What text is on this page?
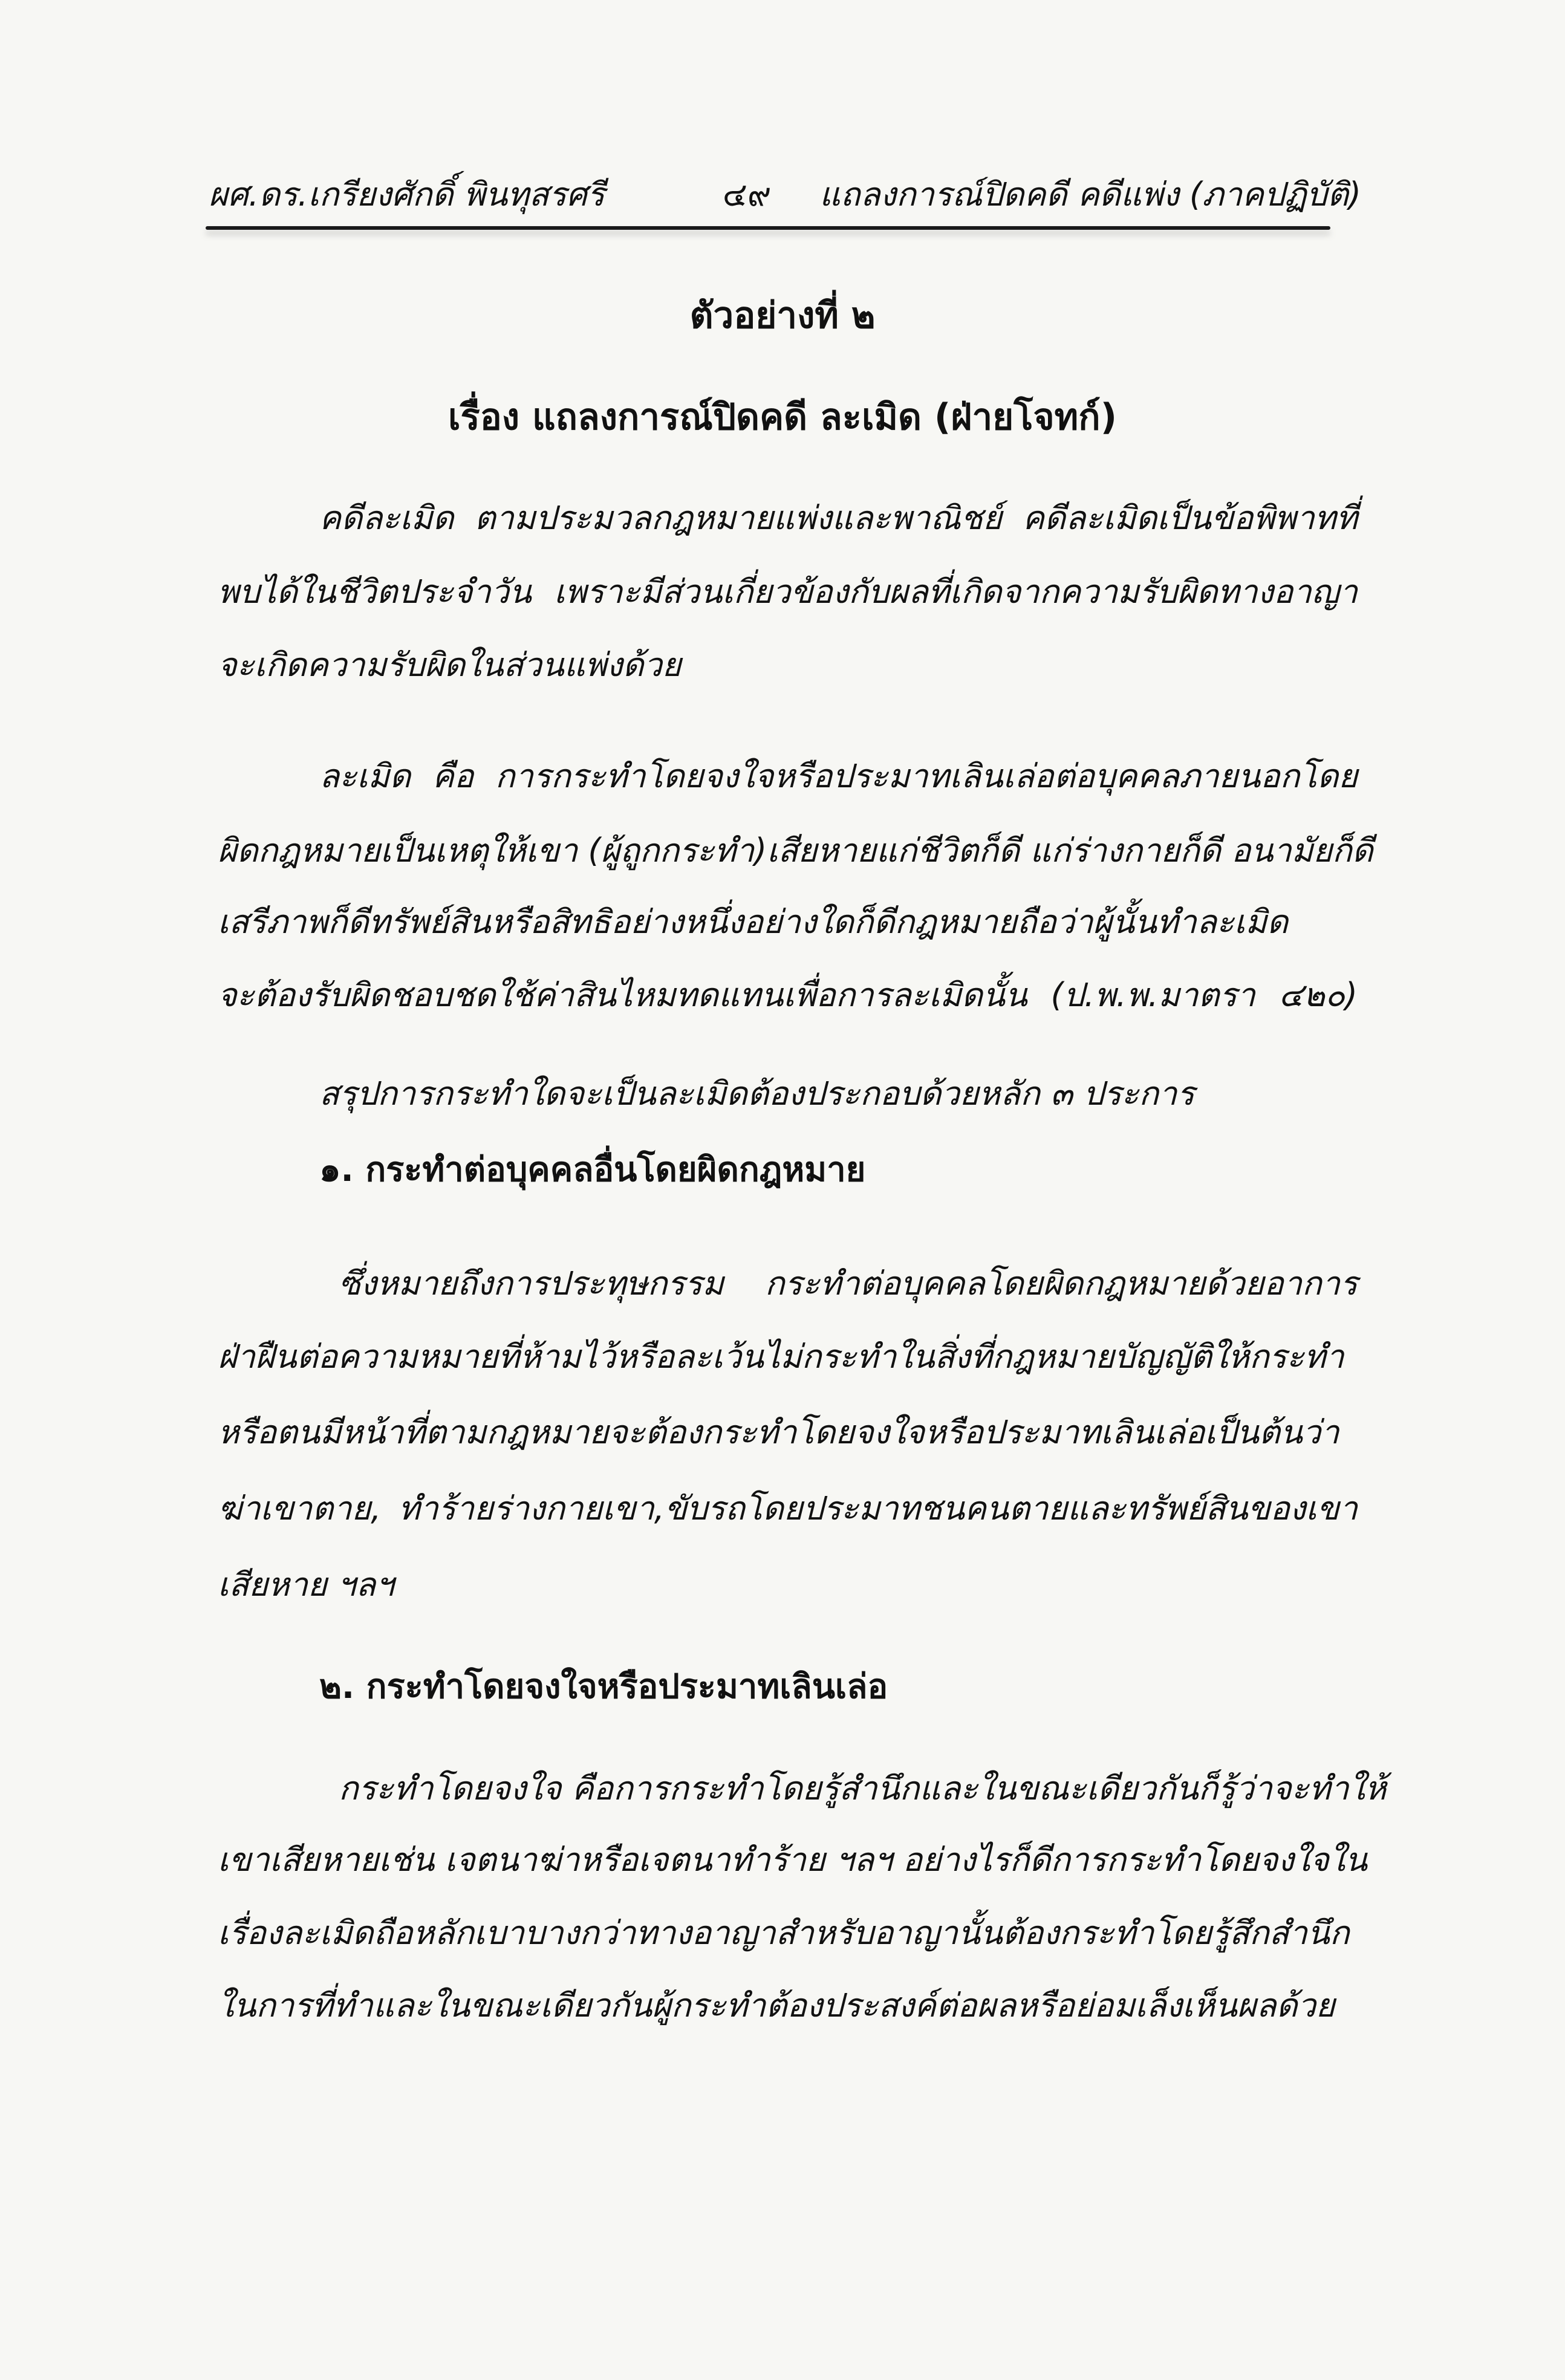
ผศ.ดร.เกรียงศักดิ์ พินทุสรศรี	๔๙ แถลงการณ์ปิดคดี คดีแพ่ง (ภาคปฏิบัติ)
ตัวอย่างที่ ๒
เรื่อง แถลงการณ์ปิดคดี ละเมิด (ฝ่ายโจทก์)
คดีละเมิด ตามประมวลกฎหมายแพ่งและพาณิชย์ คดีละเมิดเป็นข้อพิพาทที่
พบได้ในชีวิตประจำวัน เพราะมีส่วนเกี่ยวข้องกับผลที่เกิดจากความรับผิดทางอาญา
จะเกิดความรับผิดในส่วนแพ่งด้วย
ละเมิด คือ การกระทำโดยจงใจหรือประมาทเลินเล่อต่อบุคคลภายนอกโดย
ผิดกฎหมายเป็นเหตุให้เขา (ผู้ถูกกระทำ)เสียหายแก่ชีวิตก็ดี แก่ร่างกายก็ดี อนามัยก็ดี
เสรีภาพก็ดีทรัพย์สินหรือสิทธิอย่างหนึ่งอย่างใดก็ดีกฎหมายถือว่าผู้นั้นทำละเมิด
จะต้องรับผิดชอบชดใช้ค่าสินไหมทดแทนเพื่อการละเมิดนั้น (ป.พ.พ.มาตรา ๔๒๐)
สรุปการกระทำใดจะเป็นละเมิดต้องประกอบด้วยหลัก ๓ ประการ
๑. กระทำต่อบุคคลอื่นโดยผิดกฎหมาย
ซึ่งหมายถึงการประทุษกรรม กระทำต่อบุคคลโดยผิดกฎหมายด้วยอาการ
ฝ่าฝืนต่อความหมายที่ห้ามไว้หรือละเว้นไม่กระทำในสิ่งที่กฎหมายบัญญัติให้กระทำ
หรือตนมีหน้าที่ตามกฎหมายจะต้องกระทำโดยจงใจหรือประมาทเลินเล่อเป็นต้นว่า
ฆ่าเขาตาย, ทำร้ายร่างกายเขา,ขับรถโดยประมาทชนคนตายและทรัพย์สินของเขา
เสียหาย ฯลฯ
๒. กระทำโดยจงใจหรือประมาทเลินเล่อ
กระทำโดยจงใจ คือการกระทำโดยรู้สำนึกและในขณะเดียวกันก็รู้ว่าจะทำให้
เขาเสียหายเช่น เจตนาฆ่าหรือเจตนาทำร้าย ฯลฯ อย่างไรก็ดีการกระทำโดยจงใจใน
เรื่องละเมิดถือหลักเบาบางกว่าทางอาญาสำหรับอาญานั้นต้องกระทำโดยรู้สึกสำนึก
ในการที่ทำและในขณะเดียวกันผู้กระทำต้องประสงค์ต่อผลหรือย่อมเล็งเห็นผลด้วย
